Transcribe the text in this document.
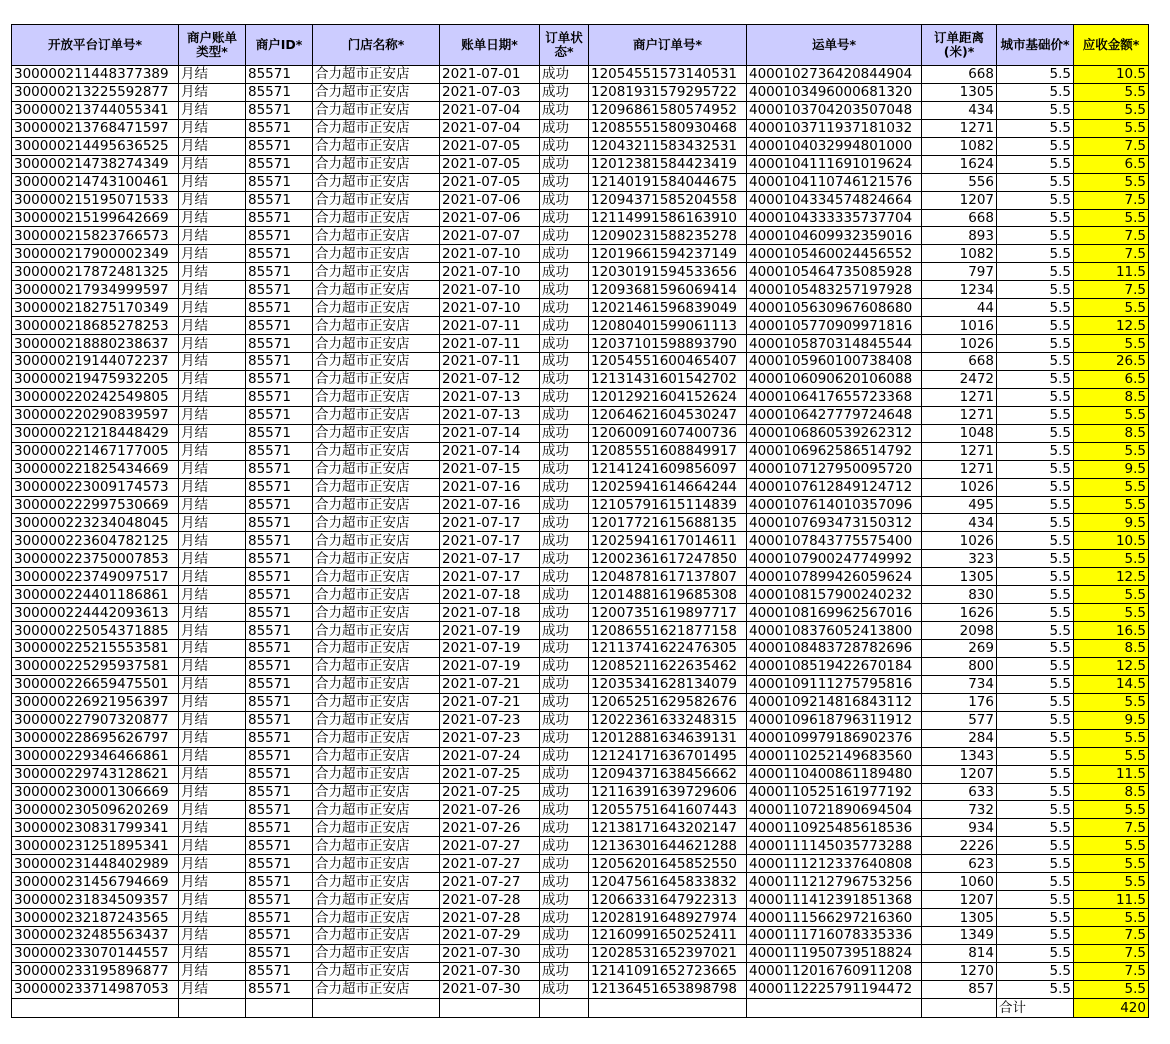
开放平台订单号*	商户账单类型*	商户ID*	门店名称*	账单日期*	订单状态*	商户订单号*	运单号*	订单距离(米)*	城市基础价*	应收金额*
300000211448377389	月结	85571	合力超市正安店	2021-07-01	成功	12054551573140531	4000102736420844904	668	5.5	10.5
300000213225592877	月结	85571	合力超市正安店	2021-07-03	成功	12081931579295722	4000103496000681320	1305	5.5	5.5
300000213744055341	月结	85571	合力超市正安店	2021-07-04	成功	12096861580574952	4000103704203507048	434	5.5	5.5
300000213768471597	月结	85571	合力超市正安店	2021-07-04	成功	12085551580930468	4000103711937181032	1271	5.5	5.5
300000214495636525	月结	85571	合力超市正安店	2021-07-05	成功	12043211583432531	4000104032994801000	1082	5.5	7.5
300000214738274349	月结	85571	合力超市正安店	2021-07-05	成功	12012381584423419	4000104111691019624	1624	5.5	6.5
300000214743100461	月结	85571	合力超市正安店	2021-07-05	成功	12140191584044675	4000104110746121576	556	5.5	5.5
300000215195071533	月结	85571	合力超市正安店	2021-07-06	成功	12094371585204558	4000104334574824664	1207	5.5	7.5
300000215199642669	月结	85571	合力超市正安店	2021-07-06	成功	12114991586163910	4000104333335737704	668	5.5	5.5
300000215823766573	月结	85571	合力超市正安店	2021-07-07	成功	12090231588235278	4000104609932359016	893	5.5	7.5
300000217900002349	月结	85571	合力超市正安店	2021-07-10	成功	12019661594237149	4000105460024456552	1082	5.5	7.5
300000217872481325	月结	85571	合力超市正安店	2021-07-10	成功	12030191594533656	4000105464735085928	797	5.5	11.5
300000217934999597	月结	85571	合力超市正安店	2021-07-10	成功	12093681596069414	4000105483257197928	1234	5.5	7.5
300000218275170349	月结	85571	合力超市正安店	2021-07-10	成功	12021461596839049	4000105630967608680	44	5.5	5.5
300000218685278253	月结	85571	合力超市正安店	2021-07-11	成功	12080401599061113	4000105770909971816	1016	5.5	12.5
300000218880238637	月结	85571	合力超市正安店	2021-07-11	成功	12037101598893790	4000105870314845544	1026	5.5	5.5
300000219144072237	月结	85571	合力超市正安店	2021-07-11	成功	12054551600465407	4000105960100738408	668	5.5	26.5
300000219475932205	月结	85571	合力超市正安店	2021-07-12	成功	12131431601542702	4000106090620106088	2472	5.5	6.5
300000220242549805	月结	85571	合力超市正安店	2021-07-13	成功	12012921604152624	4000106417655723368	1271	5.5	8.5
300000220290839597	月结	85571	合力超市正安店	2021-07-13	成功	12064621604530247	4000106427779724648	1271	5.5	5.5
300000221218448429	月结	85571	合力超市正安店	2021-07-14	成功	12060091607400736	4000106860539262312	1048	5.5	8.5
300000221467177005	月结	85571	合力超市正安店	2021-07-14	成功	12085551608849917	4000106962586514792	1271	5.5	5.5
300000221825434669	月结	85571	合力超市正安店	2021-07-15	成功	12141241609856097	4000107127950095720	1271	5.5	9.5
300000223009174573	月结	85571	合力超市正安店	2021-07-16	成功	12025941614664244	4000107612849124712	1026	5.5	5.5
300000222997530669	月结	85571	合力超市正安店	2021-07-16	成功	12105791615114839	4000107614010357096	495	5.5	5.5
300000223234048045	月结	85571	合力超市正安店	2021-07-17	成功	12017721615688135	4000107693473150312	434	5.5	9.5
300000223604782125	月结	85571	合力超市正安店	2021-07-17	成功	12025941617014611	4000107843775575400	1026	5.5	10.5
300000223750007853	月结	85571	合力超市正安店	2021-07-17	成功	12002361617247850	4000107900247749992	323	5.5	5.5
300000223749097517	月结	85571	合力超市正安店	2021-07-17	成功	12048781617137807	4000107899426059624	1305	5.5	12.5
300000224401186861	月结	85571	合力超市正安店	2021-07-18	成功	12014881619685308	4000108157900240232	830	5.5	5.5
300000224442093613	月结	85571	合力超市正安店	2021-07-18	成功	12007351619897717	4000108169962567016	1626	5.5	5.5
300000225054371885	月结	85571	合力超市正安店	2021-07-19	成功	12086551621877158	4000108376052413800	2098	5.5	16.5
300000225215553581	月结	85571	合力超市正安店	2021-07-19	成功	12113741622476305	4000108483728782696	269	5.5	8.5
300000225295937581	月结	85571	合力超市正安店	2021-07-19	成功	12085211622635462	4000108519422670184	800	5.5	12.5
300000226659475501	月结	85571	合力超市正安店	2021-07-21	成功	12035341628134079	4000109111275795816	734	5.5	14.5
300000226921956397	月结	85571	合力超市正安店	2021-07-21	成功	12065251629582676	4000109214816843112	176	5.5	5.5
300000227907320877	月结	85571	合力超市正安店	2021-07-23	成功	12022361633248315	4000109618796311912	577	5.5	9.5
300000228695626797	月结	85571	合力超市正安店	2021-07-23	成功	12012881634639131	4000109979186902376	284	5.5	5.5
300000229346466861	月结	85571	合力超市正安店	2021-07-24	成功	12124171636701495	4000110252149683560	1343	5.5	5.5
300000229743128621	月结	85571	合力超市正安店	2021-07-25	成功	12094371638456662	4000110400861189480	1207	5.5	11.5
300000230001306669	月结	85571	合力超市正安店	2021-07-25	成功	12116391639729606	4000110525161977192	633	5.5	8.5
300000230509620269	月结	85571	合力超市正安店	2021-07-26	成功	12055751641607443	4000110721890694504	732	5.5	5.5
300000230831799341	月结	85571	合力超市正安店	2021-07-26	成功	12138171643202147	4000110925485618536	934	5.5	7.5
300000231251895341	月结	85571	合力超市正安店	2021-07-27	成功	12136301644621288	4000111145035773288	2226	5.5	5.5
300000231448402989	月结	85571	合力超市正安店	2021-07-27	成功	12056201645852550	4000111212337640808	623	5.5	5.5
300000231456794669	月结	85571	合力超市正安店	2021-07-27	成功	12047561645833832	4000111212796753256	1060	5.5	5.5
300000231834509357	月结	85571	合力超市正安店	2021-07-28	成功	12066331647922313	4000111412391851368	1207	5.5	11.5
300000232187243565	月结	85571	合力超市正安店	2021-07-28	成功	12028191648927974	4000111566297216360	1305	5.5	5.5
300000232485563437	月结	85571	合力超市正安店	2021-07-29	成功	12160991650252411	4000111716078335336	1349	5.5	7.5
300000233070144557	月结	85571	合力超市正安店	2021-07-30	成功	12028531652397021	4000111950739518824	814	5.5	7.5
300000233195896877	月结	85571	合力超市正安店	2021-07-30	成功	12141091652723665	4000112016760911208	1270	5.5	7.5
300000233714987053	月结	85571	合力超市正安店	2021-07-30	成功	12136451653898798	4000112225791194472	857	5.5	5.5
									合计	420
